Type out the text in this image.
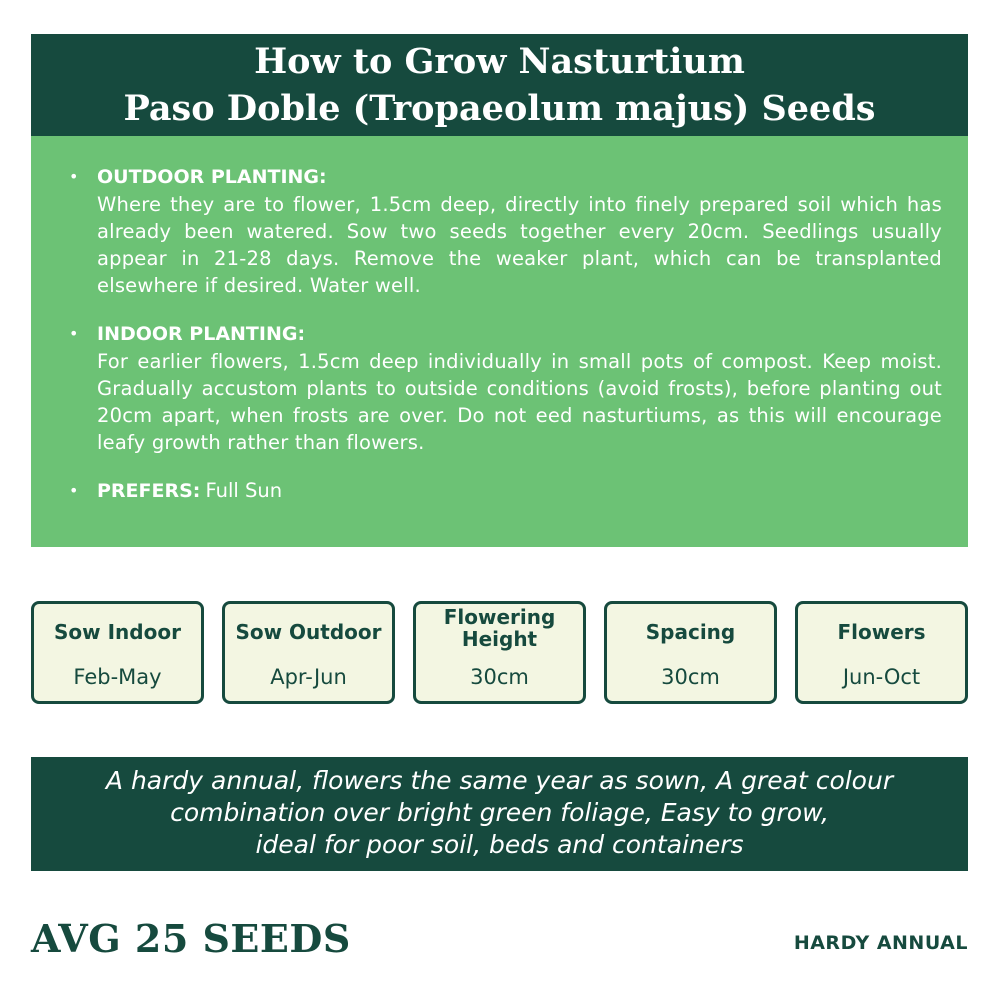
How to Grow Nasturtium
Paso Doble (Tropaeolum majus) Seeds
• OUTDOOR PLANTING:
Where they are to flower, 1.5cm deep, directly into finely prepared soil which has already been watered. Sow two seeds together every 20cm. Seedlings usually appear in 21-28 days. Remove the weaker plant, which can be transplanted elsewhere if desired. Water well.
• INDOOR PLANTING:
For earlier flowers, 1.5cm deep individually in small pots of compost. Keep moist. Gradually accustom plants to outside conditions (avoid frosts), before planting out 20cm apart, when frosts are over. Do not eed nasturtiums, as this will encourage leafy growth rather than flowers.
• PREFERS: Full Sun
Sow Indoor
Feb-May
Sow Outdoor
Apr-Jun
Flowering
Height
30cm
Spacing
30cm
Flowers
Jun-Oct
A hardy annual, flowers the same year as sown, A great colour
combination over bright green foliage, Easy to grow,
ideal for poor soil, beds and containers
AVG 25 SEEDS	HARDY ANNUAL
